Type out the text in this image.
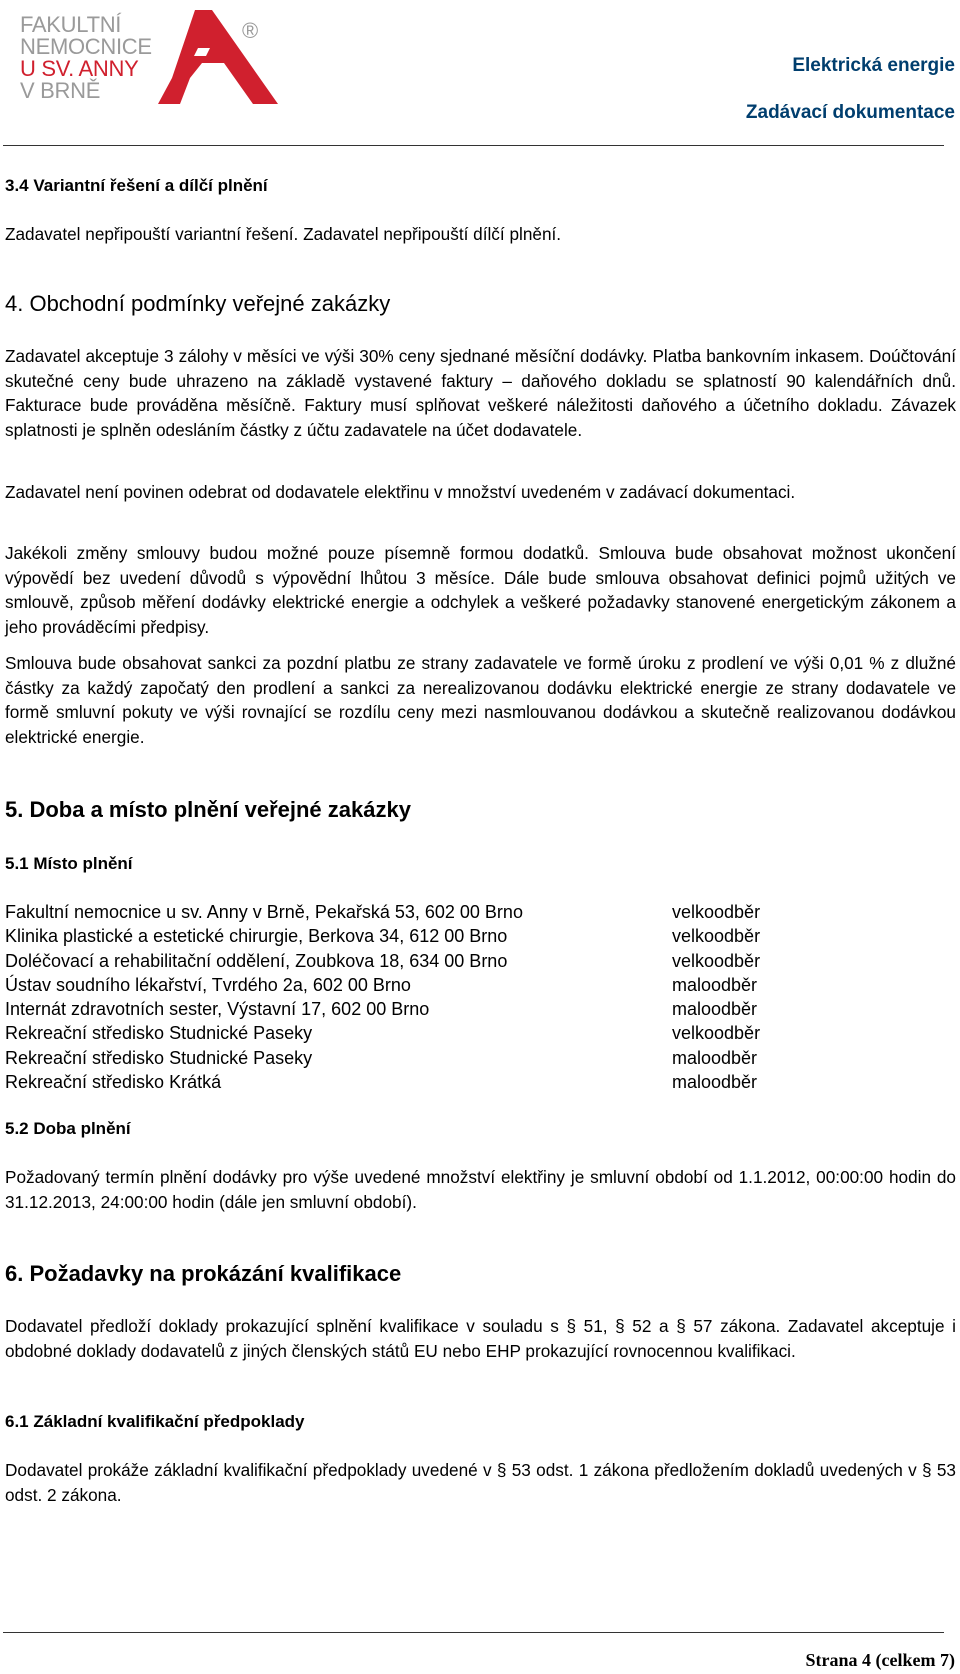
FAKULTNÍ
NEMOCNICE
U SV. ANNY
V BRNĚ
®
Elektrická energie
Zadávací dokumentace
3.4 Variantní řešení a dílčí plnění
Zadavatel nepřipouští variantní řešení. Zadavatel nepřipouští dílčí plnění.
4. Obchodní podmínky veřejné zakázky
Zadavatel akceptuje 3 zálohy v měsíci ve výši 30% ceny sjednané měsíční dodávky. Platba bankovním inkasem. Doúčtování skutečné ceny bude uhrazeno na základě vystavené faktury – daňového dokladu se splatností 90 kalendářních dnů. Fakturace bude prováděna měsíčně. Faktury musí splňovat veškeré náležitosti daňového a účetního dokladu. Závazek splatnosti je splněn odesláním částky z účtu zadavatele na účet dodavatele.
Zadavatel není povinen odebrat od dodavatele elektřinu v množství uvedeném v zadávací dokumentaci.
Jakékoli změny smlouvy budou možné pouze písemně formou dodatků. Smlouva bude obsahovat možnost ukončení výpovědí bez uvedení důvodů s výpovědní lhůtou 3 měsíce. Dále bude smlouva obsahovat definici pojmů užitých ve smlouvě, způsob měření dodávky elektrické energie a odchylek a veškeré požadavky stanovené energetickým zákonem a jeho prováděcími předpisy.
Smlouva bude obsahovat sankci za pozdní platbu ze strany zadavatele ve formě úroku z prodlení ve výši 0,01 % z dlužné částky za každý započatý den prodlení a sankci za nerealizovanou dodávku elektrické energie ze strany dodavatele ve formě smluvní pokuty ve výši rovnající se rozdílu ceny mezi nasmlouvanou dodávkou a skutečně realizovanou dodávkou elektrické energie.
5. Doba a místo plnění veřejné zakázky
5.1 Místo plnění
Fakultní nemocnice u sv. Anny v Brně, Pekařská 53, 602 00 Brno	velkoodběr
Klinika plastické a estetické chirurgie, Berkova 34, 612 00 Brno	velkoodběr
Doléčovací a rehabilitační oddělení, Zoubkova 18, 634 00 Brno	velkoodběr
Ústav soudního lékařství, Tvrdého 2a, 602 00 Brno	maloodběr
Internát zdravotních sester, Výstavní 17, 602 00 Brno	maloodběr
Rekreační středisko Studnické Paseky	velkoodběr
Rekreační středisko Studnické Paseky	maloodběr
Rekreační středisko Krátká	maloodběr
5.2 Doba plnění
Požadovaný termín plnění dodávky pro výše uvedené množství elektřiny je smluvní období od 1.1.2012, 00:00:00 hodin do 31.12.2013, 24:00:00 hodin (dále jen smluvní období).
6. Požadavky na prokázání kvalifikace
Dodavatel předloží doklady prokazující splnění kvalifikace v souladu s § 51, § 52 a § 57 zákona. Zadavatel akceptuje i obdobné doklady dodavatelů z jiných členských států EU nebo EHP prokazující rovnocennou kvalifikaci.
6.1 Základní kvalifikační předpoklady
Dodavatel prokáže základní kvalifikační předpoklady uvedené v § 53 odst. 1 zákona předložením dokladů uvedených v § 53 odst. 2 zákona.
Strana 4 (celkem 7)
